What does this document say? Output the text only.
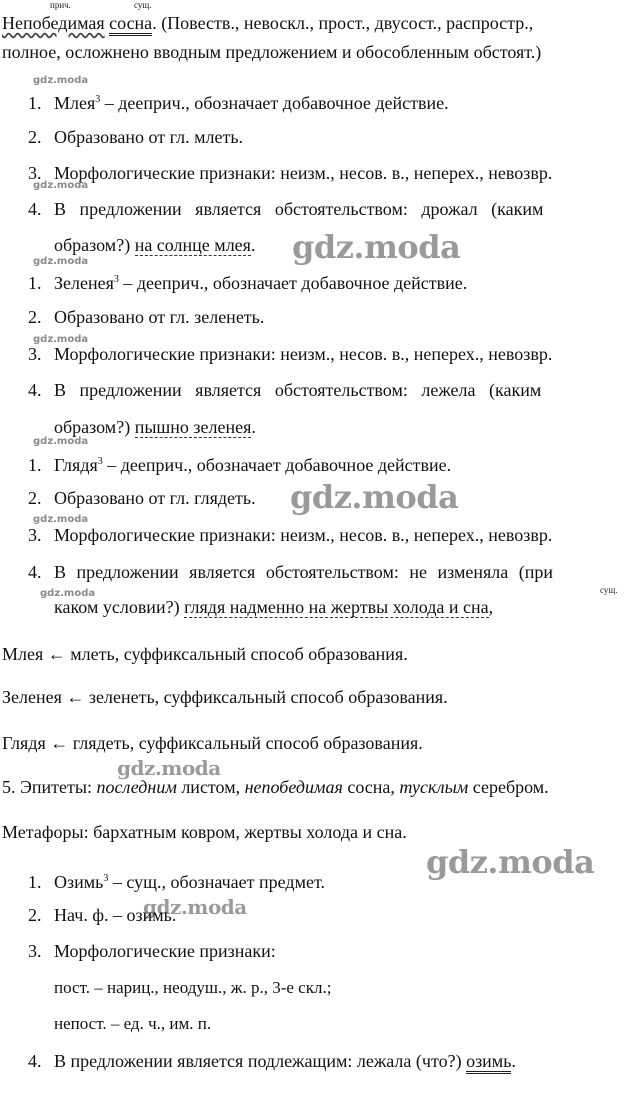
прич.	сущ.
Непобедимая сосна. (Повеств., невоскл., прост., двусост., распростр.,
полное, осложнено вводным предложением и обособленным обстоят.)
gdz.moda
1. Млея$^3$ – дееприч., обозначает добавочное действие.
2. Образовано от гл. млеть.
3. Морфологические признаки: неизм., несов. в., неперех., невозвр.
gdz.moda
4. В предложении является обстоятельством: дрожал (каким
образом?) на солнце млея. gdz.moda
gdz.moda
1. Зеленея$^3$ – дееприч., обозначает добавочное действие.
2. Образовано от гл. зеленеть.
gdz.moda
3. Морфологические признаки: неизм., несов. в., неперех., невозвр.
4. В предложении является обстоятельством: лежела (каким
образом?) пышно зеленея.
gdz.moda
1. Глядя$^3$ – дееприч., обозначает добавочное действие.
2. Образовано от гл. глядеть. gdz.moda
gdz.moda
3. Морфологические признаки: неизм., несов. в., неперех., невозвр.
4. В предложении является обстоятельством: не изменяла (при
сущ.
gdz.moda
каком условии?) глядя надменно на жертвы холода и сна,
Млея ← млеть, суффиксальный способ образования.
Зеленея ← зеленеть, суффиксальный способ образования.
Глядя ← глядеть, суффиксальный способ образования.
gdz.moda
5. Эпитеты: последним листом, непобедимая сосна, тусклым серебром.
Метафоры: бархатным ковром, жертвы холода и сна.
gdz.moda
1. Озимь$^3$ – сущ., обозначает предмет.
gdz.moda
2. Нач. ф. – озимь.
3. Морфологические признаки:
пост. – нариц., неодуш., ж. р., 3-е скл.;
непост. – ед. ч., им. п.
4. В предложении является подлежащим: лежала (что?) озимь.
